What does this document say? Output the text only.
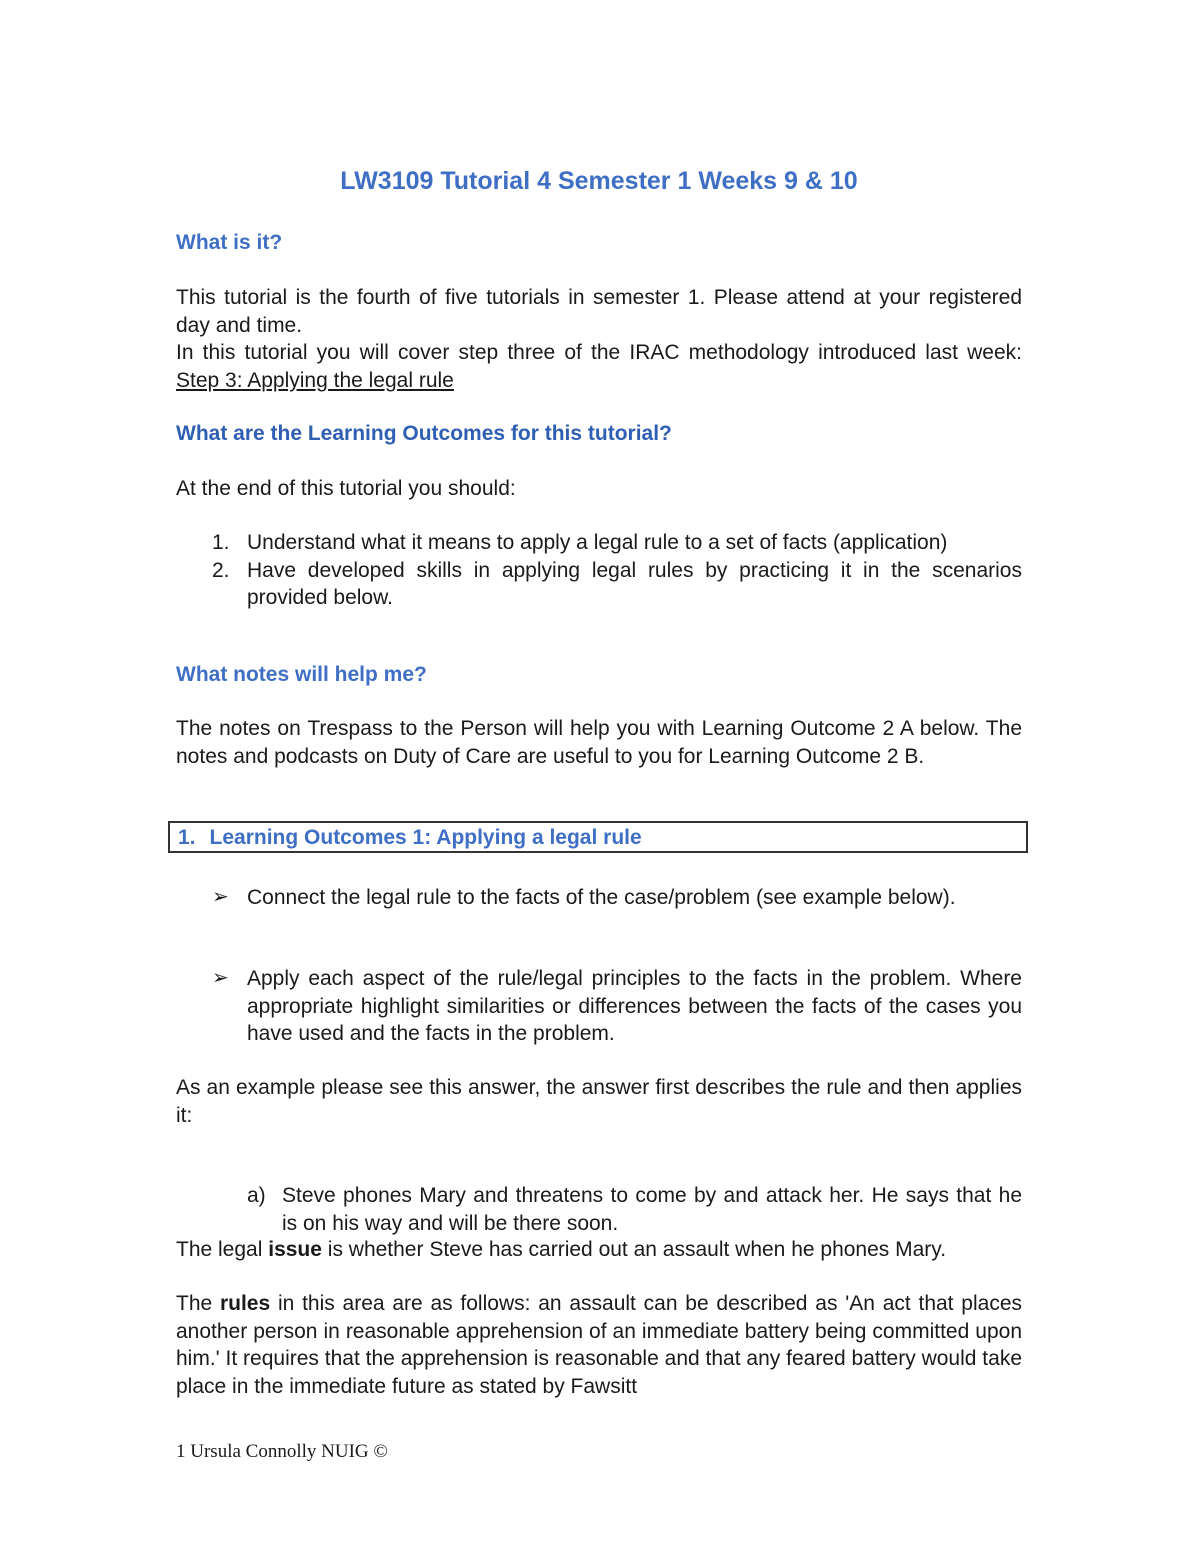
LW3109 Tutorial 4 Semester 1 Weeks 9 & 10
What is it?
This tutorial is the fourth of five tutorials in semester 1. Please attend at your registered day and time.
In this tutorial you will cover step three of the IRAC methodology introduced last week: Step 3: Applying the legal rule
What are the Learning Outcomes for this tutorial?
At the end of this tutorial you should:
1. Understand what it means to apply a legal rule to a set of facts (application)
2. Have developed skills in applying legal rules by practicing it in the scenarios provided below.
What notes will help me?
The notes on Trespass to the Person will help you with Learning Outcome 2 A below. The notes and podcasts on Duty of Care are useful to you for Learning Outcome 2 B.
1. Learning Outcomes 1: Applying a legal rule
➢ Connect the legal rule to the facts of the case/problem (see example below).
➢ Apply each aspect of the rule/legal principles to the facts in the problem. Where appropriate highlight similarities or differences between the facts of the cases you have used and the facts in the problem.
As an example please see this answer, the answer first describes the rule and then applies it:
a) Steve phones Mary and threatens to come by and attack her. He says that he is on his way and will be there soon.
The legal issue is whether Steve has carried out an assault when he phones Mary.
The rules in this area are as follows: an assault can be described as 'An act that places another person in reasonable apprehension of an immediate battery being committed upon him.' It requires that the apprehension is reasonable and that any feared battery would take place in the immediate future as stated by Fawsitt
1 Ursula Connolly NUIG ©
